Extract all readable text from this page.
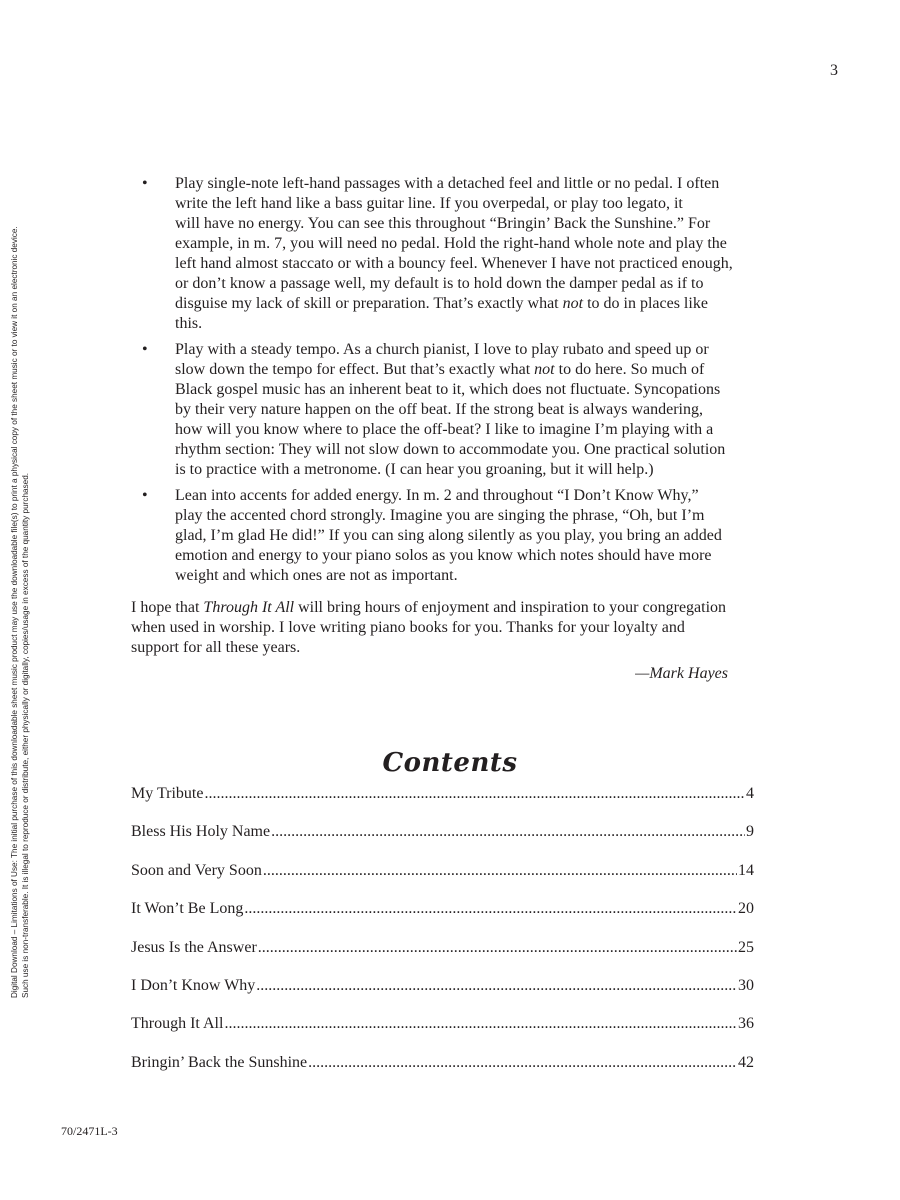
3
Digital Download – Limitations of Use: The initial purchase of this downloadable sheet music product may use the downloadable file(s) to print a physical copy of the sheet music or to view it on an electronic device. Such use is non-transferable. It is illegal to reproduce or distribute, either physically or digitally, copies/usage in excess of the quantity purchased.
• Play single-note left-hand passages with a detached feel and little or no pedal. I often
write the left hand like a bass guitar line. If you overpedal, or play too legato, it
will have no energy. You can see this throughout “Bringin’ Back the Sunshine.” For
example, in m. 7, you will need no pedal. Hold the right-hand whole note and play the
left hand almost staccato or with a bouncy feel. Whenever I have not practiced enough,
or don’t know a passage well, my default is to hold down the damper pedal as if to
disguise my lack of skill or preparation. That’s exactly what not to do in places like
this.
• Play with a steady tempo. As a church pianist, I love to play rubato and speed up or
slow down the tempo for effect. But that’s exactly what not to do here. So much of
Black gospel music has an inherent beat to it, which does not fluctuate. Syncopations
by their very nature happen on the off beat. If the strong beat is always wandering,
how will you know where to place the off-beat? I like to imagine I’m playing with a
rhythm section: They will not slow down to accommodate you. One practical solution
is to practice with a metronome. (I can hear you groaning, but it will help.)
• Lean into accents for added energy. In m. 2 and throughout “I Don’t Know Why,”
play the accented chord strongly. Imagine you are singing the phrase, “Oh, but I’m
glad, I’m glad He did!” If you can sing along silently as you play, you bring an added
emotion and energy to your piano solos as you know which notes should have more
weight and which ones are not as important.

I hope that Through It All will bring hours of enjoyment and inspiration to your congregation
when used in worship. I love writing piano books for you. Thanks for your loyalty and
support for all these years.

—Mark Hayes
Contents
My Tribute .....	4
Bless His Holy Name .....	9
Soon and Very Soon .....	14
It Won’t Be Long .....	20
Jesus Is the Answer .....	25
I Don’t Know Why .....	30
Through It All .....	36
Bringin’ Back the Sunshine .....	42
70/2471L-3
